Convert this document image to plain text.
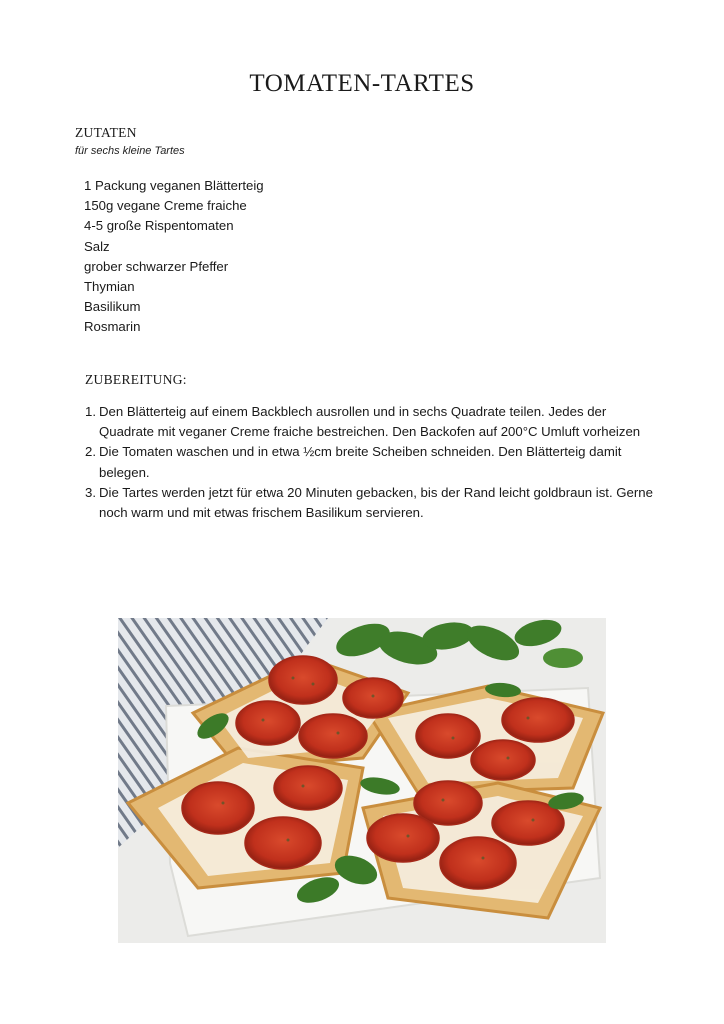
TOMATEN-TARTES
ZUTATEN
für sechs kleine Tartes
1 Packung veganen Blätterteig
150g vegane Creme fraiche
4-5 große Rispentomaten
Salz
grober schwarzer Pfeffer
Thymian
Basilikum
Rosmarin
ZUBEREITUNG:
1. Den Blätterteig auf einem Backblech ausrollen und in sechs Quadrate teilen. Jedes der Quadrate mit veganer Creme fraiche bestreichen. Den Backofen auf 200°C Umluft vorheizen
2. Die Tomaten waschen und in etwa ½cm breite Scheiben schneiden. Den Blätterteig damit belegen.
3. Die Tartes werden jetzt für etwa 20 Minuten gebacken, bis der Rand leicht goldbraun ist. Gerne noch warm und mit etwas frischem Basilikum servieren.
